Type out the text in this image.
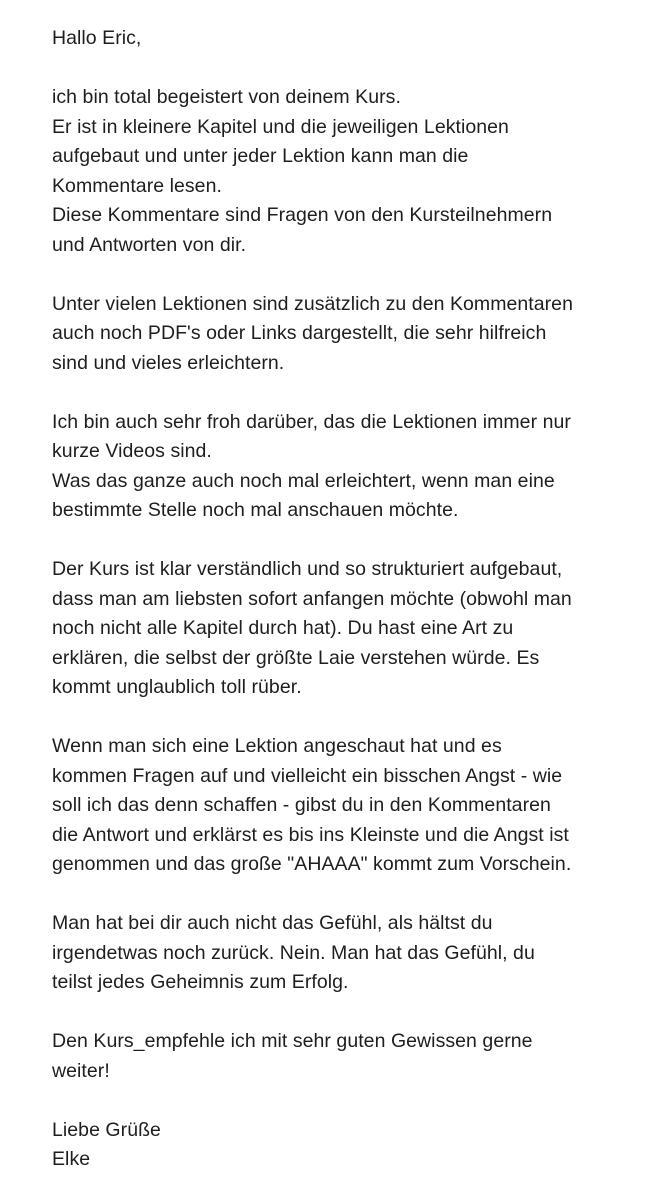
Hallo Eric,
ich bin total begeistert von deinem Kurs.
Er ist in kleinere Kapitel und die jeweiligen Lektionen
aufgebaut und unter jeder Lektion kann man die
Kommentare lesen.
Diese Kommentare sind Fragen von den Kursteilnehmern
und Antworten von dir.
Unter vielen Lektionen sind zusätzlich zu den Kommentaren
auch noch PDF's oder Links dargestellt, die sehr hilfreich
sind und vieles erleichtern.
Ich bin auch sehr froh darüber, das die Lektionen immer nur
kurze Videos sind.
Was das ganze auch noch mal erleichtert, wenn man eine
bestimmte Stelle noch mal anschauen möchte.
Der Kurs ist klar verständlich und so strukturiert aufgebaut,
dass man am liebsten sofort anfangen möchte (obwohl man
noch nicht alle Kapitel durch hat). Du hast eine Art zu
erklären, die selbst der größte Laie verstehen würde. Es
kommt unglaublich toll rüber.
Wenn man sich eine Lektion angeschaut hat und es
kommen Fragen auf und vielleicht ein bisschen Angst - wie
soll ich das denn schaffen - gibst du in den Kommentaren
die Antwort und erklärst es bis ins Kleinste und die Angst ist
genommen und das große "AHAAA" kommt zum Vorschein.
Man hat bei dir auch nicht das Gefühl, als hältst du
irgendetwas noch zurück. Nein. Man hat das Gefühl, du
teilst jedes Geheimnis zum Erfolg.
Den Kurs_empfehle ich mit sehr guten Gewissen gerne
weiter!
Liebe Grüße
Elke
